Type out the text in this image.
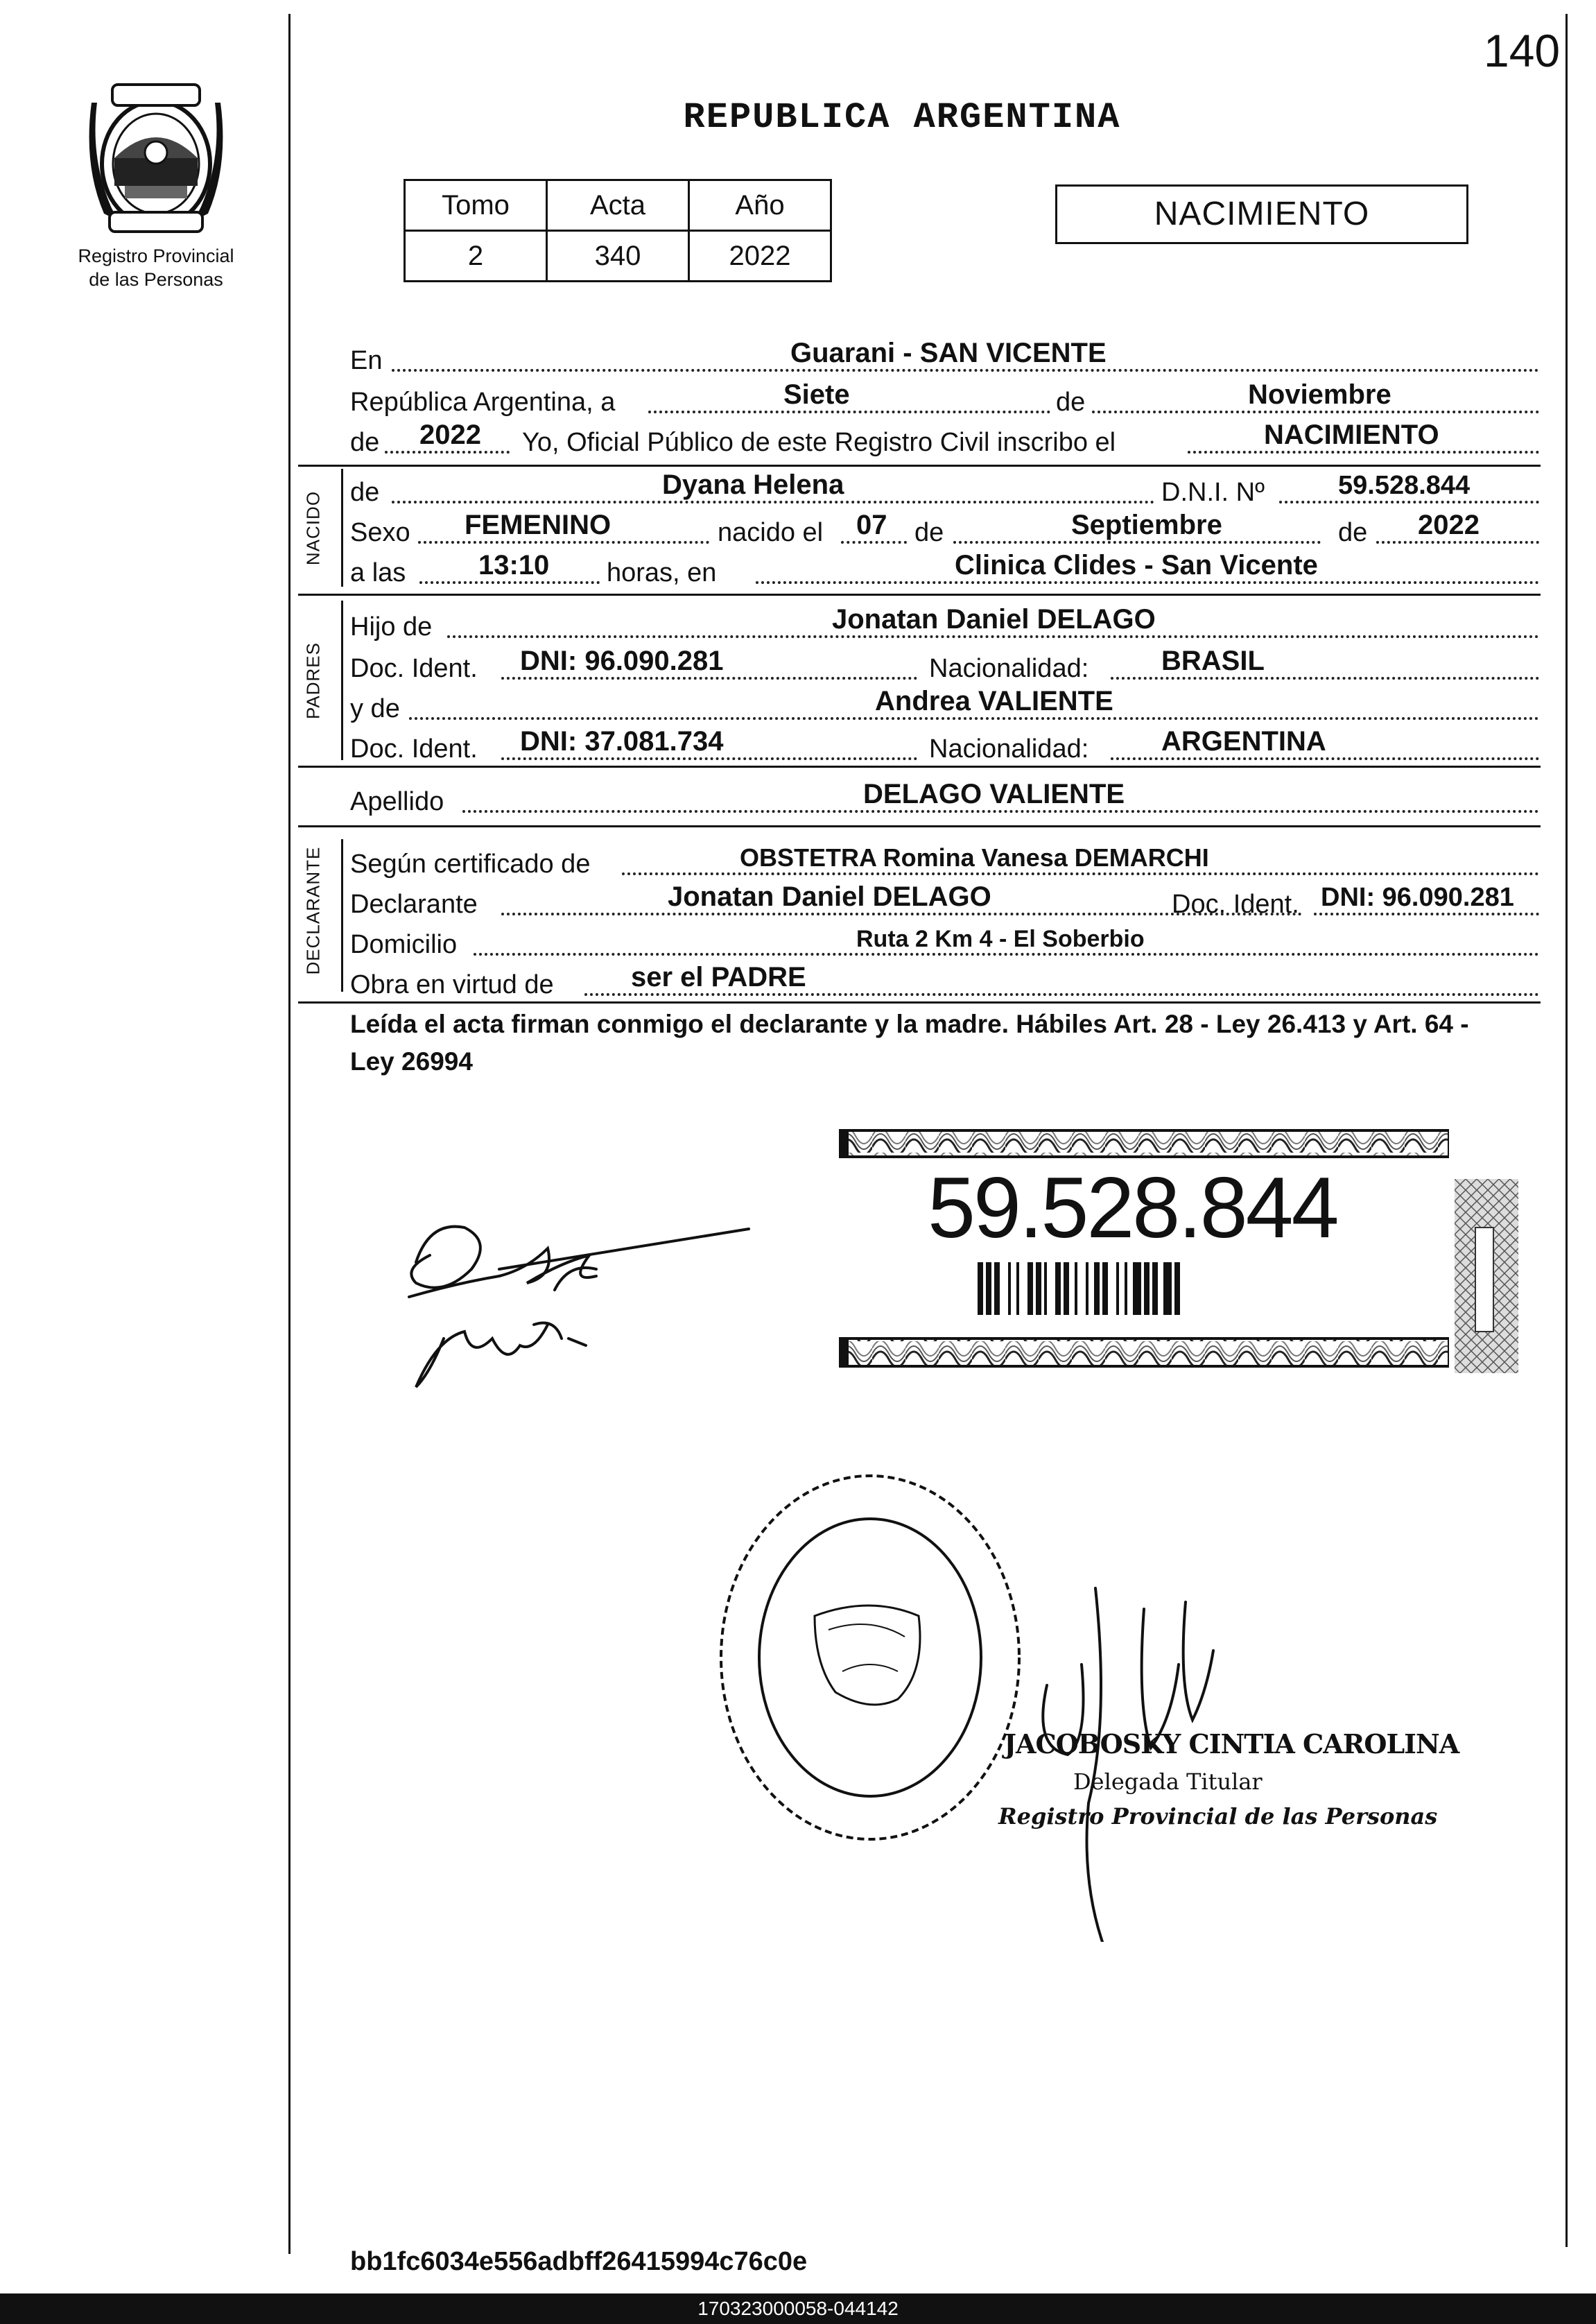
140
Registro Provincial
de las Personas
REPUBLICA ARGENTINA
Tomo	Acta	Año
2	340	2022
NACIMIENTO
En	Guarani - SAN VICENTE
República Argentina, a	Siete	de	Noviembre
de 2022 Yo, Oficial Público de este Registro Civil inscribo el	NACIMIENTO
NACIDO de	Dyana Helena	D.N.I. Nº	59.528.844
Sexo FEMENINO	nacido el 07 de	Septiembre	de 2022
a las	13:10 horas, en	Clinica Clides - San Vicente
PADRES
Hijo de	Jonatan Daniel DELAGO
Doc. Ident. DNI: 96.090.281	Nacionalidad:	BRASIL
y de	Andrea VALIENTE
Doc. Ident. DNI: 37.081.734	Nacionalidad:	ARGENTINA
Apellido	DELAGO VALIENTE
DECLARANTE Según certificado de	OBSTETRA Romina Vanesa DEMARCHI
Declarante	Jonatan Daniel DELAGO	Doc. Ident. DNI: 96.090.281
Domicilio	Ruta 2 Km 4 - El Soberbio
Obra en virtud de	ser el PADRE
Leída el acta firman conmigo el declarante y la madre. Hábiles Art. 28 - Ley 26.413 y Art. 64 - Ley 26994
59.528.844
JACOBOSKY CINTIA CAROLINA
Delegada Titular
Registro Provincial de las Personas
bb1fc6034e556adbff26415994c76c0e
170323000058-044142
